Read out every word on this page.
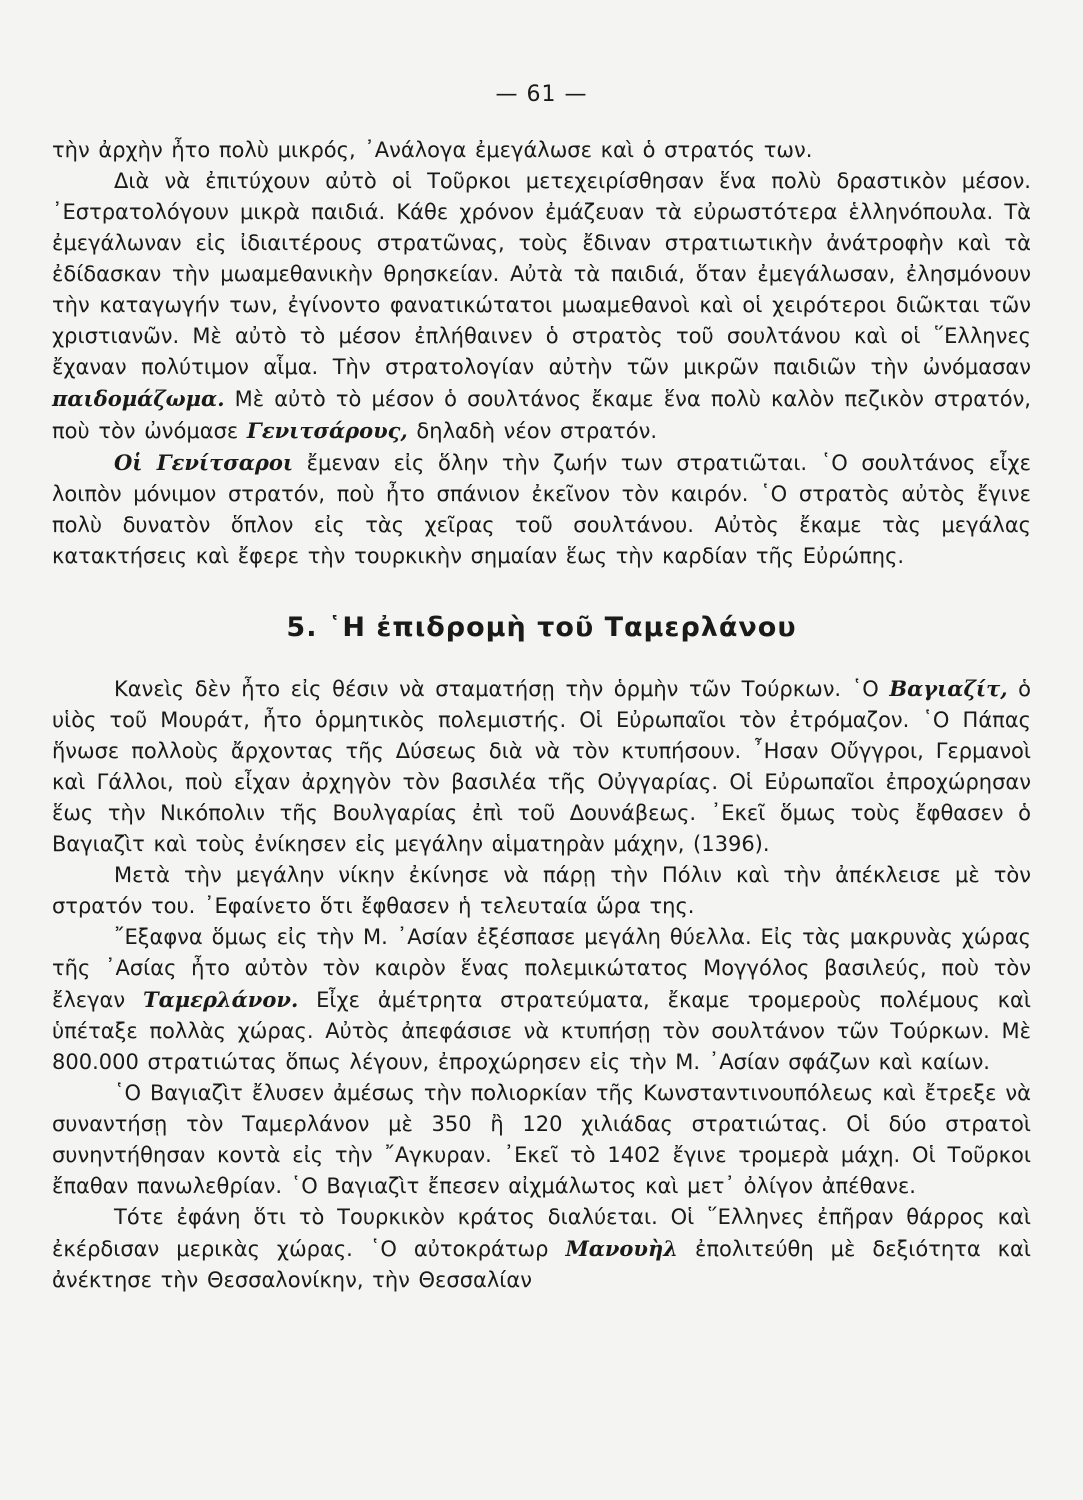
— 61 —

τὴν ἀρχὴν ἦτο πολὺ μικρός, ᾿Ανάλογα ἐμεγάλωσε καὶ ὁ στρατός των.

Διὰ νὰ ἐπιτύχουν αὐτὸ οἱ Τοῦρκοι μετεχειρίσθησαν ἕνα πολὺ δραστικὸν μέσον. ᾿Εστρατολόγουν μικρὰ παιδιά. Κάθε χρόνον ἐμάζευαν τὰ εὐρωστότερα ἑλληνόπουλα. Τὰ ἐμεγάλωναν εἰς ἰδιαιτέρους στρατῶνας, τοὺς ἔδιναν στρατιωτικὴν ἀνάτροφὴν καὶ τὰ ἐδίδασκαν τὴν μωαμεθανικὴν θρησκείαν. Αὐτὰ τὰ παιδιά, ὅταν ἐμεγάλωσαν, ἐλησμόνουν τὴν καταγωγήν των, ἐγίνοντο φανατικώτατοι μωαμεθανοὶ καὶ οἱ χειρότεροι διῶκται τῶν χριστιανῶν. Μὲ αὐτὸ τὸ μέσον ἐπλήθαινεν ὁ στρατὸς τοῦ σουλτάνου καὶ οἱ ῞Ελληνες ἔχαναν πολύτιμον αἷμα. Τὴν στρατολογίαν αὐτὴν τῶν μικρῶν παιδιῶν τὴν ὠνόμασαν παιδομάζωμα. Μὲ αὐτὸ τὸ μέσον ὁ σουλτάνος ἔκαμε ἕνα πολὺ καλὸν πεζικὸν στρατόν, ποὺ τὸν ὠνόμασε Γενιτσάρους, δηλαδὴ νέον στρατόν.

Οἱ Γενίτσαροι ἔμεναν εἰς ὅλην τὴν ζωήν των στρατιῶται. ῾Ο σουλτάνος εἶχε λοιπὸν μόνιμον στρατόν, ποὺ ἦτο σπάνιον ἐκεῖνον τὸν καιρόν. ῾Ο στρατὸς αὐτὸς ἔγινε πολὺ δυνατὸν ὅπλον εἰς τὰς χεῖρας τοῦ σουλτάνου. Αὐτὸς ἔκαμε τὰς μεγάλας κατακτήσεις καὶ ἔφερε τὴν τουρκικὴν σημαίαν ἕως τὴν καρδίαν τῆς Εὐρώπης.

5. ῾Η ἐπιδρομὴ τοῦ Ταμερλάνου

Κανεὶς δὲν ἦτο εἰς θέσιν νὰ σταματήσῃ τὴν ὁρμὴν τῶν Τούρκων. ῾Ο Βαγιαζίτ, ὁ υἱὸς τοῦ Μουράτ, ἦτο ὁρμητικὸς πολεμιστής. Οἱ Εὐρωπαῖοι τὸν ἐτρόμαζον. ῾Ο Πάπας ἥνωσε πολλοὺς ἄρχοντας τῆς Δύσεως διὰ νὰ τὸν κτυπήσουν. ῏Ησαν Οὔγγροι, Γερμανοὶ καὶ Γάλλοι, ποὺ εἶχαν ἀρχηγὸν τὸν βασιλέα τῆς Οὐγγαρίας. Οἱ Εὐρωπαῖοι ἐπροχώρησαν ἕως τὴν Νικόπολιν τῆς Βουλγαρίας ἐπὶ τοῦ Δουνάβεως. ᾿Εκεῖ ὅμως τοὺς ἔφθασεν ὁ Βαγιαζὶτ καὶ τοὺς ἐνίκησεν εἰς μεγάλην αἱματηρὰν μάχην, (1396).

Μετὰ τὴν μεγάλην νίκην ἐκίνησε νὰ πάρῃ τὴν Πόλιν καὶ τὴν ἀπέκλεισε μὲ τὸν στρατόν του. ᾿Εφαίνετο ὅτι ἔφθασεν ἡ τελευταία ὥρα της.

῎Εξαφνα ὅμως εἰς τὴν Μ. ᾿Ασίαν ἐξέσπασε μεγάλη θύελλα. Εἰς τὰς μακρυνὰς χώρας τῆς ᾿Ασίας ἦτο αὐτὸν τὸν καιρὸν ἕνας πολεμικώτατος Μογγόλος βασιλεύς, ποὺ τὸν ἔλεγαν Ταμερλάνον. Εἶχε ἀμέτρητα στρατεύματα, ἔκαμε τρομεροὺς πολέμους καὶ ὑπέταξε πολλὰς χώρας. Αὐτὸς ἀπεφάσισε νὰ κτυπήσῃ τὸν σουλτάνον τῶν Τούρκων. Μὲ 800.000 στρατιώτας ὅπως λέγουν, ἐπροχώρησεν εἰς τὴν Μ. ᾿Ασίαν σφάζων καὶ καίων.

῾Ο Βαγιαζὶτ ἔλυσεν ἀμέσως τὴν πολιορκίαν τῆς Κωνσταντινουπόλεως καὶ ἔτρεξε νὰ συναντήσῃ τὸν Ταμερλάνον μὲ 350 ἢ 120 χιλιάδας στρατιώτας. Οἱ δύο στρατοὶ συνηντήθησαν κοντὰ εἰς τὴν ῎Αγκυραν. ᾿Εκεῖ τὸ 1402 ἔγινε τρομερὰ μάχη. Οἱ Τοῦρκοι ἔπαθαν πανωλεθρίαν. ῾Ο Βαγιαζὶτ ἔπεσεν αἰχμάλωτος καὶ μετ᾿ ὀλίγον ἀπέθανε.

Τότε ἐφάνη ὅτι τὸ Τουρκικὸν κράτος διαλύεται. Οἱ ῞Ελληνες ἐπῆραν θάρρος καὶ ἐκέρδισαν μερικὰς χώρας. ῾Ο αὐτοκράτωρ Μανουὴλ ἐπολιτεύθη μὲ δεξιότητα καὶ ἀνέκτησε τὴν Θεσσαλονίκην, τὴν Θεσσαλίαν
